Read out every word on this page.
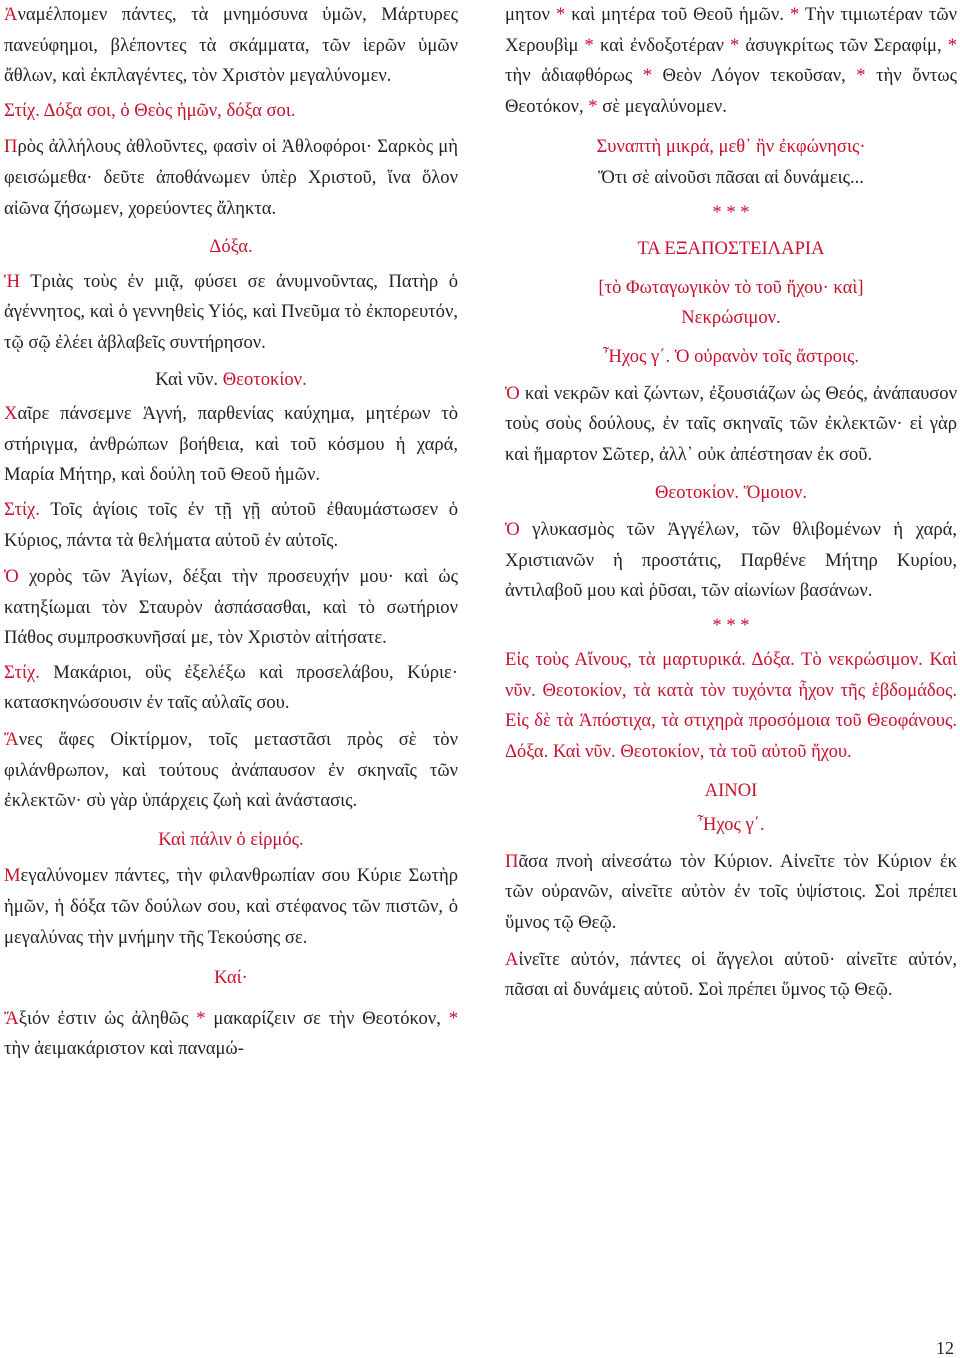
Ἀναμέλπομεν πάντες, τὰ μνημόσυνα ὑμῶν, Μάρτυρες πανεύφημοι, βλέποντες τὰ σκάμματα, τῶν ἱερῶν ὑμῶν ἄθλων, καὶ ἐκπλαγέντες, τὸν Χριστὸν μεγαλύνομεν.

Στίχ. Δόξα σοι, ὁ Θεὸς ἡμῶν, δόξα σοι.

Πρὸς ἀλλήλους ἀθλοῦντες, φασὶν οἱ Ἀθλοφόροι· Σαρκὸς μὴ φεισώμεθα· δεῦτε ἀποθάνωμεν ὑπὲρ Χριστοῦ, ἵνα ὅλον αἰῶνα ζήσωμεν, χορεύοντες ἄληκτα.

Δόξα.

Ἡ Τριὰς τοὺς ἐν μιᾷ, φύσει σε ἀνυμνοῦντας, Πατὴρ ὁ ἀγέννητος, καὶ ὁ γεννηθεὶς Υἱός, καὶ Πνεῦμα τὸ ἐκπορευτόν, τῷ σῷ ἐλέει ἀβλαβεῖς συντήρησον.

Καὶ νῦν. Θεοτοκίον.

Χαῖρε πάνσεμνε Ἁγνή, παρθενίας καύχημα, μητέρων τὸ στήριγμα, ἀνθρώπων βοήθεια, καὶ τοῦ κόσμου ἡ χαρά, Μαρία Μήτηρ, καὶ δούλη τοῦ Θεοῦ ἡμῶν.

Στίχ. Τοῖς ἁγίοις τοῖς ἐν τῇ γῇ αὐτοῦ ἐθαυμάστωσεν ὁ Κύριος, πάντα τὰ θελήματα αὐτοῦ ἐν αὐτοῖς.

Ὁ χορὸς τῶν Ἁγίων, δέξαι τὴν προσευχήν μου· καὶ ὡς κατηξίωμαι τὸν Σταυρὸν ἀσπάσασθαι, καὶ τὸ σωτήριον Πάθος συμπροσκυνῆσαί με, τὸν Χριστὸν αἰτήσατε.

Στίχ. Μακάριοι, οὓς ἐξελέξω καὶ προσελάβου, Κύριε· κατασκηνώσουσιν ἐν ταῖς αὐλαῖς σου.

Ἄνες ἄφες Οἰκτίρμον, τοῖς μεταστᾶσι πρὸς σὲ τὸν φιλάνθρωπον, καὶ τούτους ἀνάπαυσον ἐν σκηναῖς τῶν ἐκλεκτῶν· σὺ γὰρ ὑπάρχεις ζωὴ καὶ ἀνάστασις.

Καὶ πάλιν ὁ εἱρμός.

Μεγαλύνομεν πάντες, τὴν φιλανθρωπίαν σου Κύριε Σωτὴρ ἡμῶν, ἡ δόξα τῶν δούλων σου, καὶ στέφανος τῶν πιστῶν, ὁ μεγαλύνας τὴν μνήμην τῆς Τεκούσης σε.

Καί·

Ἄξιόν ἐστιν ὡς ἀληθῶς * μακαρίζειν σε τὴν Θεοτόκον, * τὴν ἀειμακάριστον καὶ παναμώ-

μητον * καὶ μητέρα τοῦ Θεοῦ ἡμῶν. * Τὴν τιμιωτέραν τῶν Χερουβὶμ * καὶ ἐνδοξοτέραν * ἀσυγκρίτως τῶν Σεραφίμ, * τὴν ἀδιαφθόρως * Θεὸν Λόγον τεκοῦσαν, * τὴν ὄντως Θεοτόκον, * σὲ μεγαλύνομεν.

Συναπτὴ μικρά, μεθ᾽ ἣν ἐκφώνησις·

Ὅτι σὲ αἰνοῦσι πᾶσαι αἱ δυνάμεις...

* * *

ΤΑ ΕΞΑΠΟΣΤΕΙΛΑΡΙΑ

[τὸ Φωταγωγικὸν τὸ τοῦ ἤχου· καὶ]

Νεκρώσιμον.

Ἦχος γ΄. Ὁ οὐρανὸν τοῖς ἄστροις.

Ὁ καὶ νεκρῶν καὶ ζώντων, ἐξουσιάζων ὡς Θεός, ἀνάπαυσον τοὺς σοὺς δούλους, ἐν ταῖς σκηναῖς τῶν ἐκλεκτῶν· εἰ γὰρ καὶ ἥμαρτον Σῶτερ, ἀλλ᾽ οὐκ ἀπέστησαν ἐκ σοῦ.

Θεοτοκίον. Ὅμοιον.

Ὁ γλυκασμὸς τῶν Ἀγγέλων, τῶν θλιβομένων ἡ χαρά, Χριστιανῶν ἡ προστάτις, Παρθένε Μήτηρ Κυρίου, ἀντιλαβοῦ μου καὶ ῥῦσαι, τῶν αἰωνίων βασάνων.

* * *

Εἰς τοὺς Αἴνους, τὰ μαρτυρικά. Δόξα. Τὸ νεκρώσιμον. Καὶ νῦν. Θεοτοκίον, τὰ κατὰ τὸν τυχόντα ἦχον τῆς ἑβδομάδος. Εἰς δὲ τὰ Ἀπόστιχα, τὰ στιχηρὰ προσόμοια τοῦ Θεοφάνους. Δόξα. Καὶ νῦν. Θεοτοκίον, τὰ τοῦ αὐτοῦ ἤχου.

ΑΙΝΟΙ

Ἦχος γ΄.

Πᾶσα πνοὴ αἰνεσάτω τὸν Κύριον. Αἰνεῖτε τὸν Κύριον ἐκ τῶν οὐρανῶν, αἰνεῖτε αὐτὸν ἐν τοῖς ὑψίστοις. Σοὶ πρέπει ὕμνος τῷ Θεῷ.

Αἰνεῖτε αὐτόν, πάντες οἱ ἄγγελοι αὐτοῦ· αἰνεῖτε αὐτόν, πᾶσαι αἱ δυνάμεις αὐτοῦ. Σοὶ πρέπει ὕμνος τῷ Θεῷ.

12
